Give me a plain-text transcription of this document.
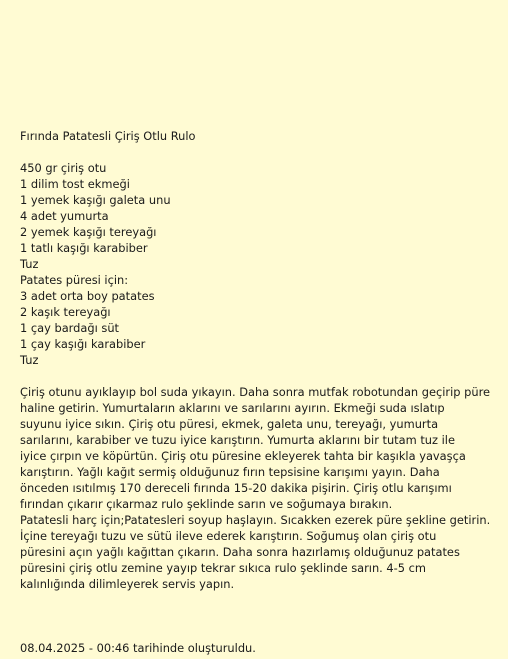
Fırında Patatesli Çiriş Otlu Rulo
450 gr çiriş otu
1 dilim tost ekmeği
1 yemek kaşığı galeta unu
4 adet yumurta
2 yemek kaşığı tereyağı
1 tatlı kaşığı karabiber
Tuz
Patates püresi için:
3 adet orta boy patates
2 kaşık tereyağı
1 çay bardağı süt
1 çay kaşığı karabiber
Tuz
Çiriş otunu ayıklayıp bol suda yıkayın. Daha sonra mutfak robotundan geçirip püre
haline getirin. Yumurtaların aklarını ve sarılarını ayırın. Ekmeği suda ıslatıp
suyunu iyice sıkın. Çiriş otu püresi, ekmek, galeta unu, tereyağı, yumurta
sarılarını, karabiber ve tuzu iyice karıştırın. Yumurta aklarını bir tutam tuz ile
iyice çırpın ve köpürtün. Çiriş otu püresine ekleyerek tahta bir kaşıkla yavaşça
karıştırın. Yağlı kağıt sermiş olduğunuz fırın tepsisine karışımı yayın. Daha
önceden ısıtılmış 170 dereceli fırında 15-20 dakika pişirin. Çiriş otlu karışımı
fırından çıkarır çıkarmaz rulo şeklinde sarın ve soğumaya bırakın.
Patatesli harç için;Patatesleri soyup haşlayın. Sıcakken ezerek püre şekline getirin.
İçine tereyağı tuzu ve sütü ileve ederek karıştırın. Soğumuş olan çiriş otu
püresini açın yağlı kağıttan çıkarın. Daha sonra hazırlamış olduğunuz patates
püresini çiriş otlu zemine yayıp tekrar sıkıca rulo şeklinde sarın. 4-5 cm
kalınlığında dilimleyerek servis yapın.
08.04.2025 - 00:46 tarihinde oluşturuldu.
